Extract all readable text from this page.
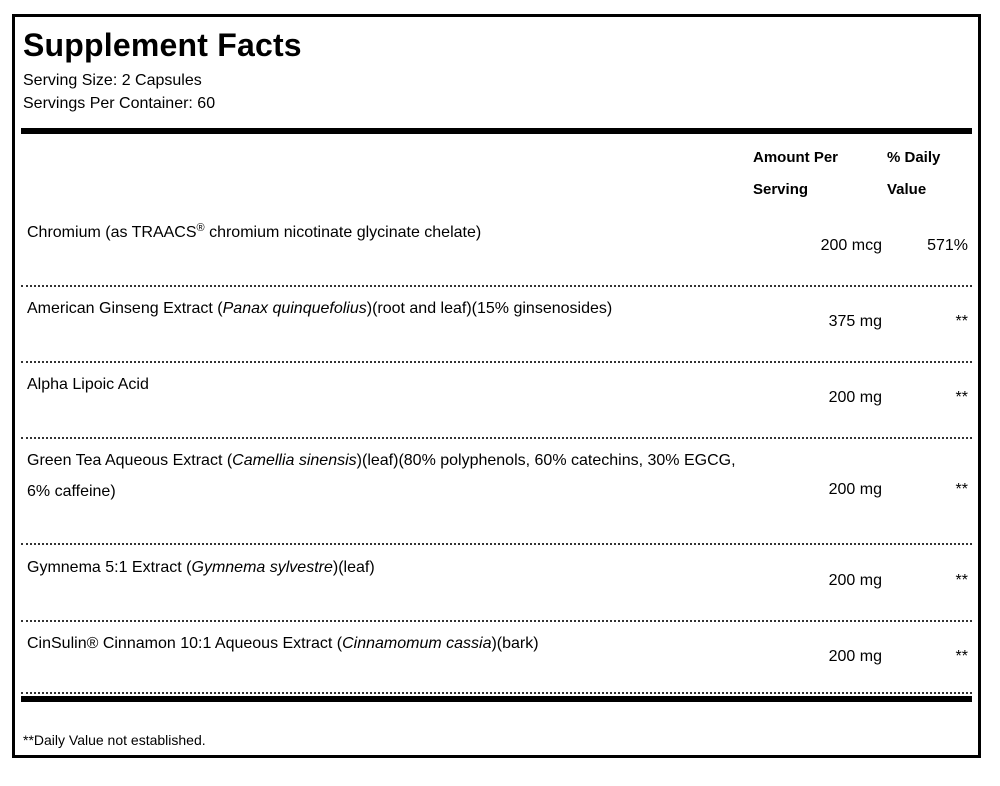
Supplement Facts
Serving Size: 2 Capsules
Servings Per Container: 60
Amount Per
Serving
% Daily
Value
Chromium (as TRAACS® chromium nicotinate glycinate chelate)
200 mcg	571%
American Ginseng Extract (Panax quinquefolius)(root and leaf)(15% ginsenosides)
375 mg	**
Alpha Lipoic Acid
200 mg	**
Green Tea Aqueous Extract (Camellia sinensis)(leaf)(80% polyphenols, 60% catechins, 30% EGCG, 6% caffeine)	200 mg	**
Gymnema 5:1 Extract (Gymnema sylvestre)(leaf)
200 mg	**
CinSulin® Cinnamon 10:1 Aqueous Extract (Cinnamomum cassia)(bark)
200 mg	**
**Daily Value not established.
